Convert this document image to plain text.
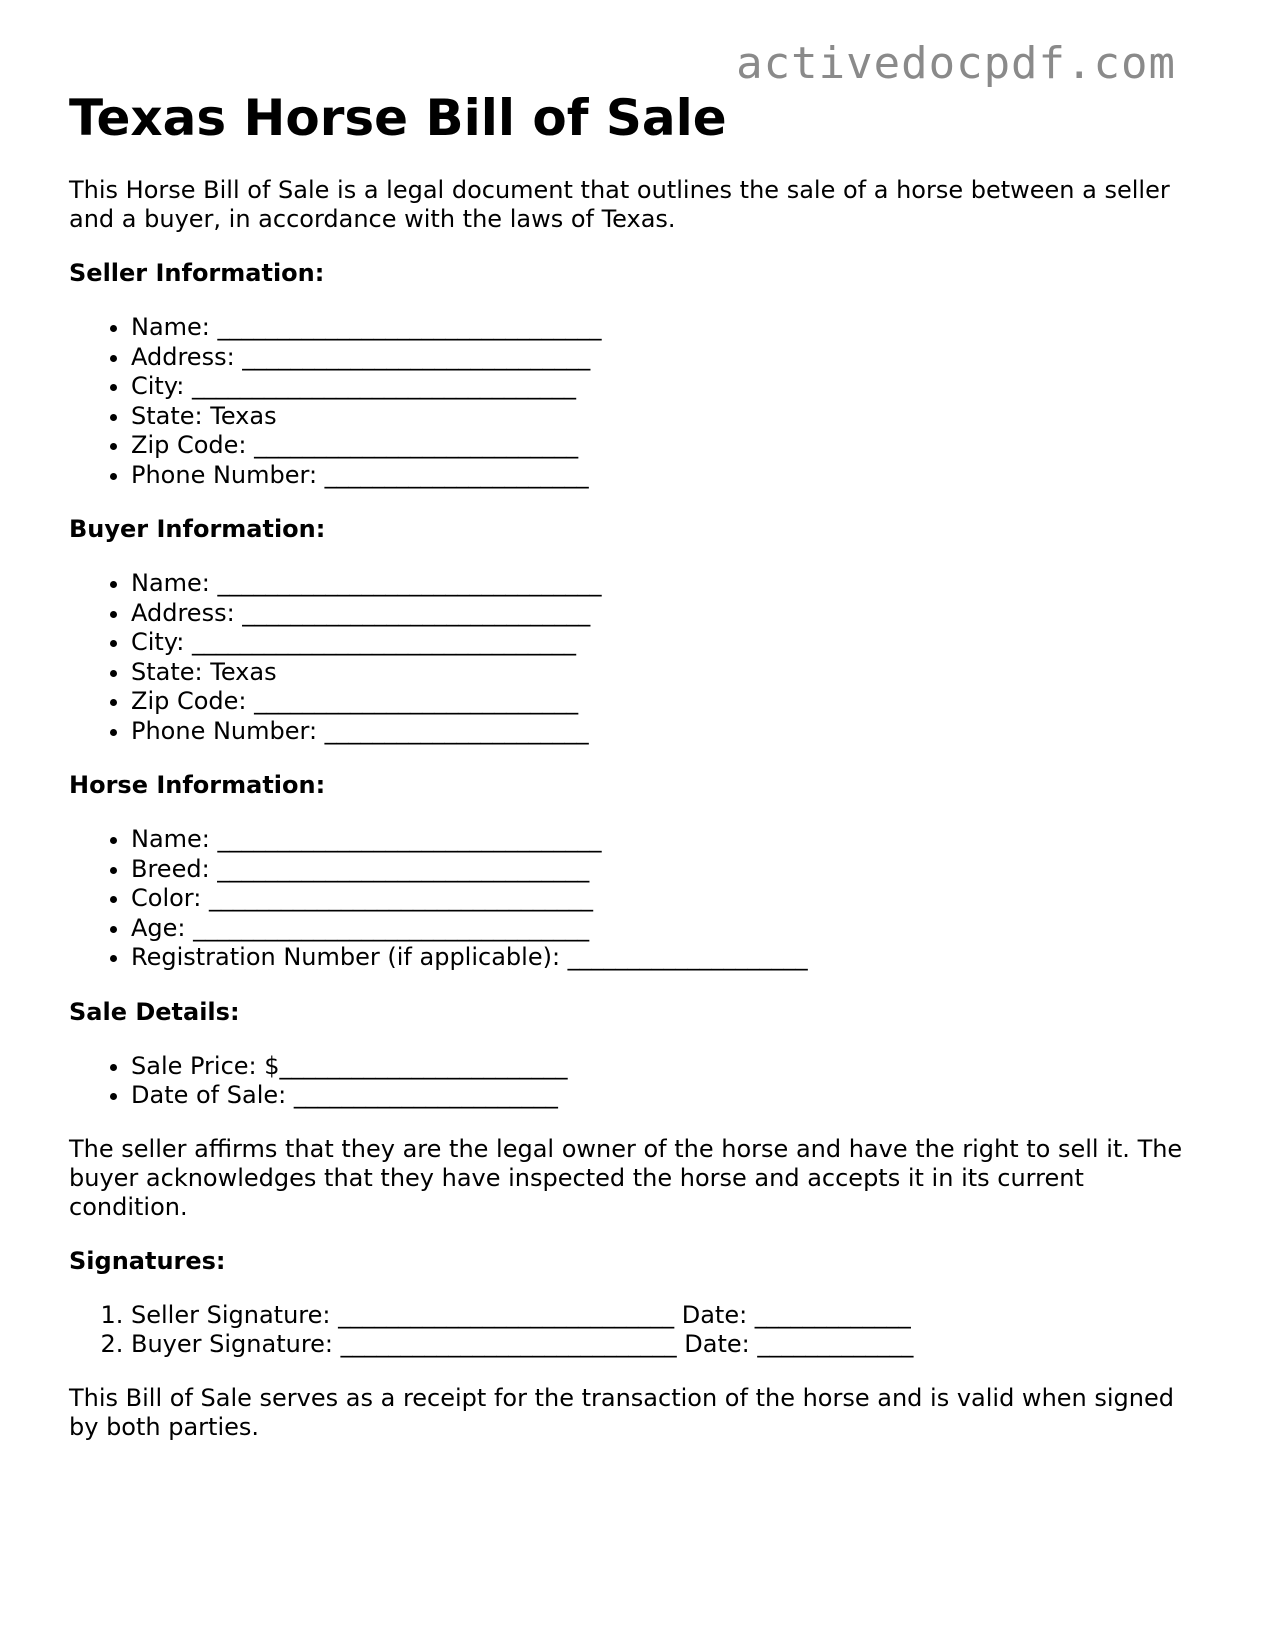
activedocpdf.com
Texas Horse Bill of Sale

This Horse Bill of Sale is a legal document that outlines the sale of a horse between a seller and a buyer, in accordance with the laws of Texas.

Seller Information:
• Name: ________________________________
• Address: _____________________________
• City: ________________________________
• State: Texas
• Zip Code: ___________________________
• Phone Number: ______________________
Buyer Information:
• Name: ________________________________
• Address: _____________________________
• City: ________________________________
• State: Texas
• Zip Code: ___________________________
• Phone Number: ______________________
Horse Information:
• Name: ________________________________
• Breed: _______________________________
• Color: ________________________________
• Age: _________________________________
• Registration Number (if applicable): ____________________
Sale Details:
• Sale Price: $________________________
• Date of Sale: ______________________

The seller affirms that they are the legal owner of the horse and have the right to sell it. The buyer acknowledges that they have inspected the horse and accepts it in its current condition.

Signatures:
1. Seller Signature: ____________________________ Date: _____________
2. Buyer Signature: ____________________________ Date: _____________

This Bill of Sale serves as a receipt for the transaction of the horse and is valid when signed by both parties.
